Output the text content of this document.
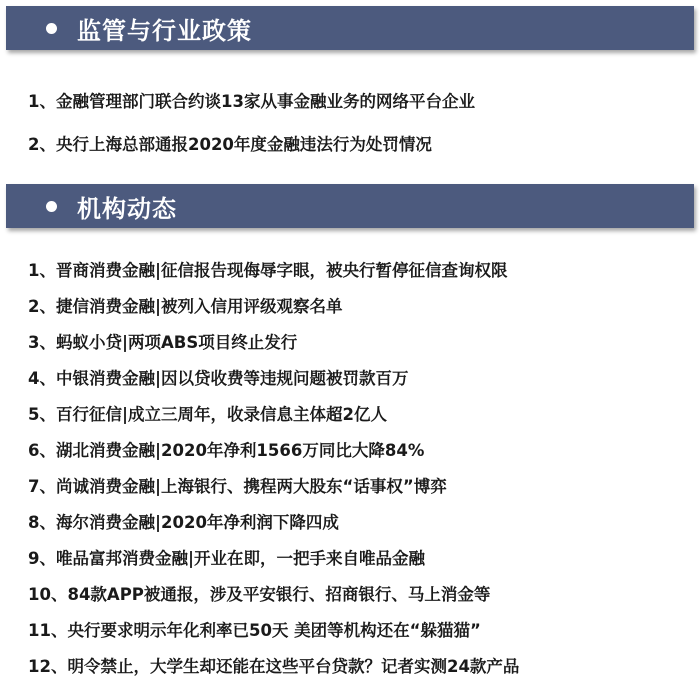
监管与行业政策
1、金融管理部门联合约谈13家从事金融业务的网络平台企业
2、央行上海总部通报2020年度金融违法行为处罚情况
机构动态
1、晋商消费金融|征信报告现侮辱字眼，被央行暂停征信查询权限
2、捷信消费金融|被列入信用评级观察名单
3、蚂蚁小贷|两项ABS项目终止发行
4、中银消费金融|因以贷收费等违规问题被罚款百万
5、百行征信|成立三周年，收录信息主体超2亿人
6、湖北消费金融|2020年净利1566万同比大降84%
7、尚诚消费金融|上海银行、携程两大股东“话事权”博弈
8、海尔消费金融|2020年净利润下降四成
9、唯品富邦消费金融|开业在即，一把手来自唯品金融
10、84款APP被通报，涉及平安银行、招商银行、马上消金等
11、央行要求明示年化利率已50天 美团等机构还在“躲猫猫”
12、明令禁止，大学生却还能在这些平台贷款？记者实测24款产品
